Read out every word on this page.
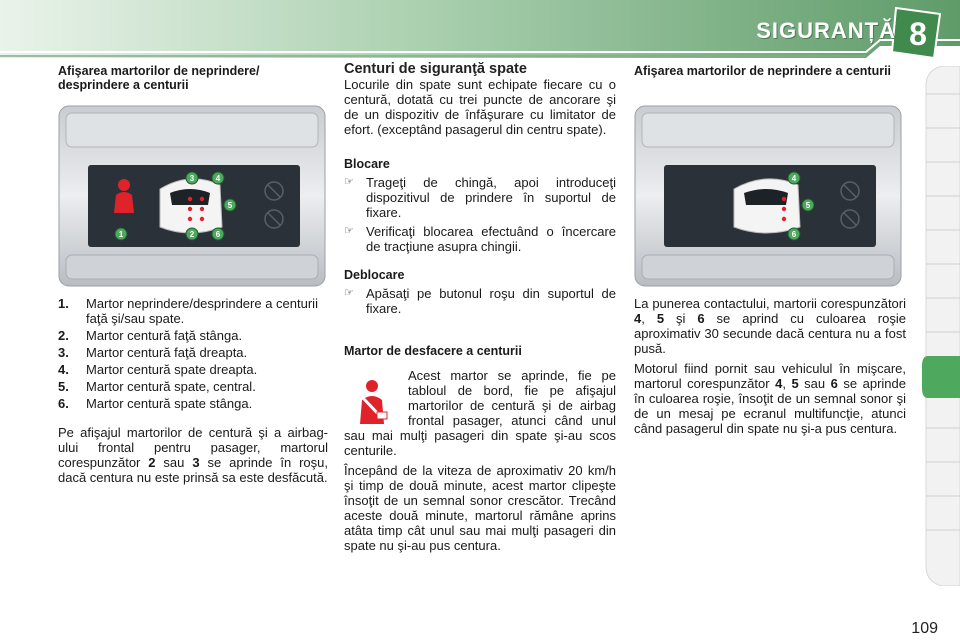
SIGURANȚĂ 8

Afişarea martorilor de neprindere/ desprindere a centurii

3	4
5
6
2
1
1.	Martor neprindere/desprindere a centurii faţă şi/sau spate.
2.	Martor centură faţă stânga.
3.	Martor centură faţă dreapta.
4.	Martor centură spate dreapta.
5.	Martor centură spate, central.
6.	Martor centură spate stânga.

Pe afişajul martorilor de centură şi a airbag-ului frontal pentru pasager, martorul corespunzător 2 sau 3 se aprinde în roşu, dacă centura nu este prinsă sa este desfăcută.

Centuri de siguranţă spate

Locurile din spate sunt echipate fiecare cu o centură, dotată cu trei puncte de ancorare şi de un dispozitiv de înfăşurare cu limitator de efort. (exceptând pasagerul din centru spate).

Blocare

☞ Trageţi de chingă, apoi introduceţi dispozitivul de prindere în suportul de fixare.
☞ Verificaţi blocarea efectuând o încercare de tracţiune asupra chingii.

Deblocare

☞ Apăsaţi pe butonul roşu din suportul de fixare.

Martor de desfacere a centurii

Acest martor se aprinde, fie pe tabloul de bord, fie pe afişajul martorilor de centură şi de airbag frontal pasager, atunci când unul sau mai mulţi pasageri din spate şi-au scos centurile.

Începând de la viteza de aproximativ 20 km/h şi timp de două minute, acest martor clipeşte însoţit de un semnal sonor crescător. Trecând aceste două minute, martorul rămâne aprins atâta timp cât unul sau mai mulţi pasageri din spate nu şi-au pus centura.

Afişarea martorilor de neprindere a centurii

4
5
6

La punerea contactului, martorii corespunzători 4, 5 şi 6 se aprind cu culoarea roşie aproximativ 30 secunde dacă centura nu a fost pusă.

Motorul fiind pornit sau vehiculul în mişcare, martorul corespunzător 4, 5 sau 6 se aprinde în culoarea roşie, însoţit de un semnal sonor şi de un mesaj pe ecranul multifuncţie, atunci când pasagerul din spate nu şi-a pus centura.

109
